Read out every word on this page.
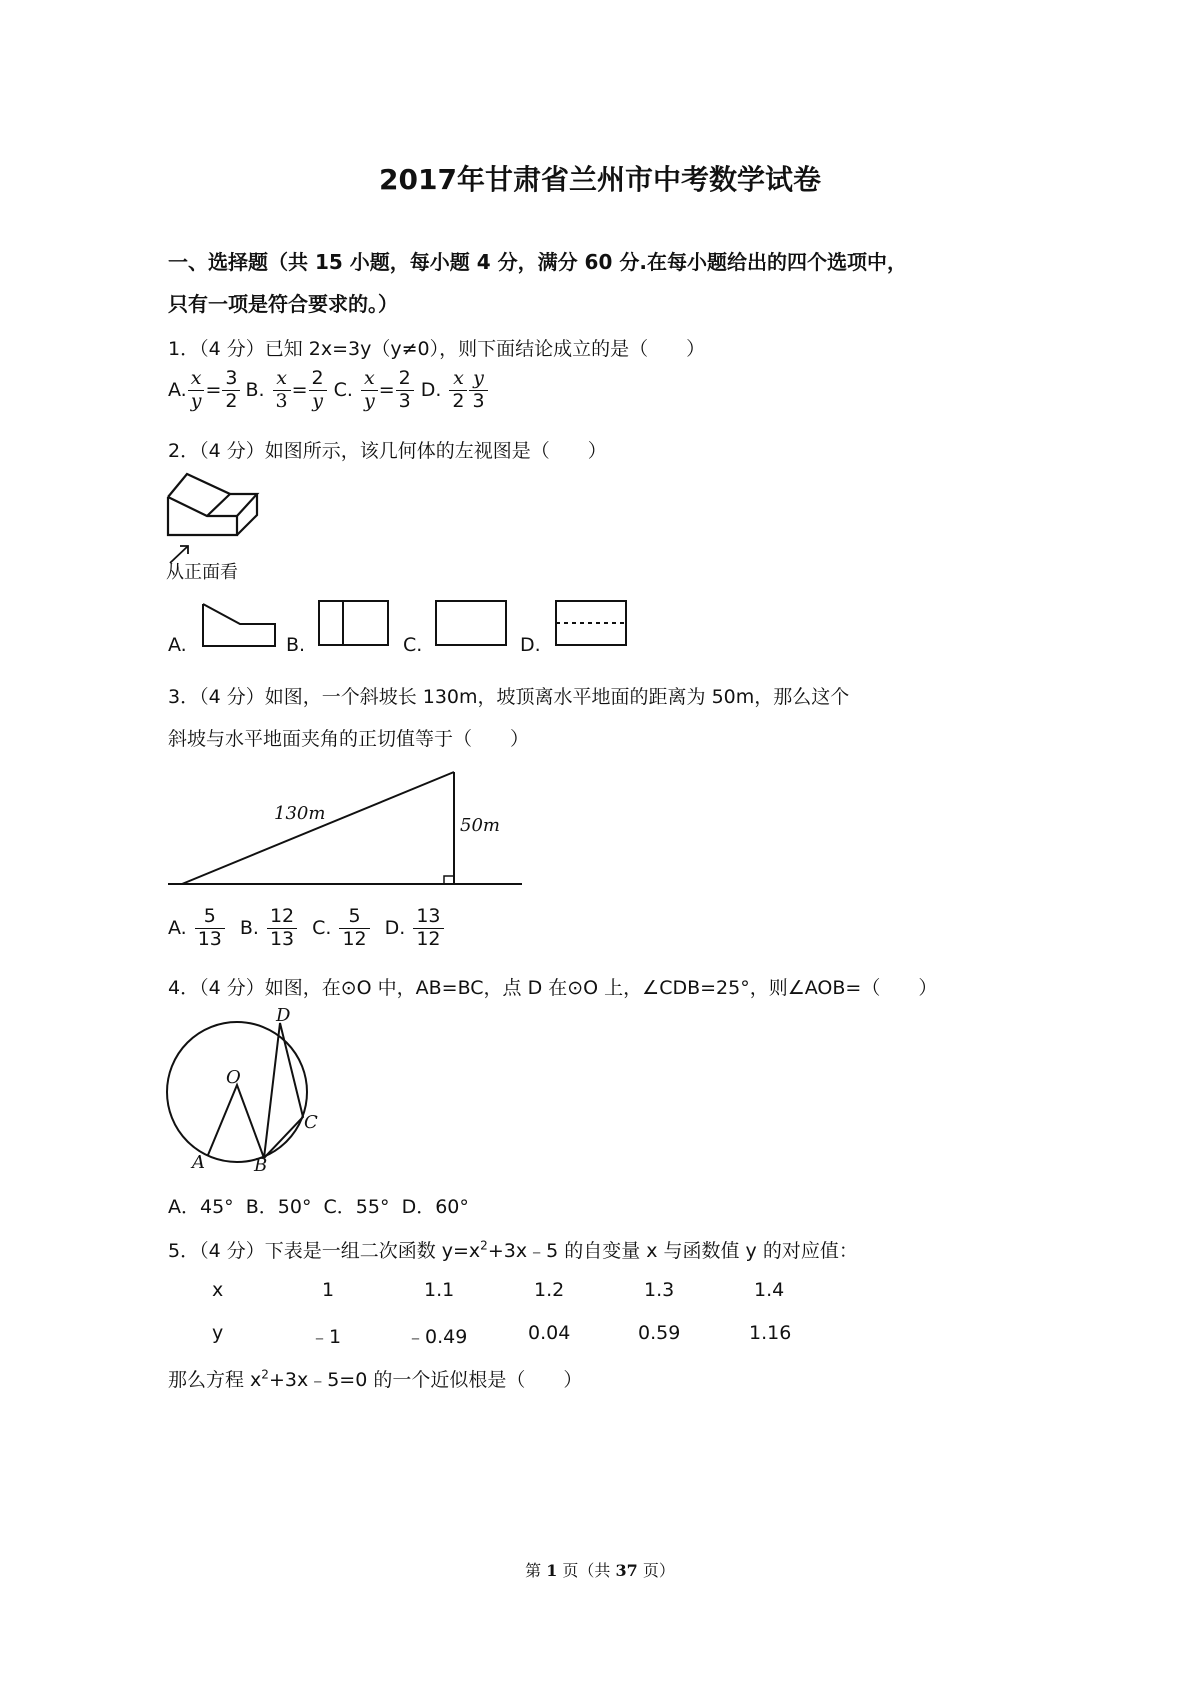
2017年甘肃省兰州市中考数学试卷
一、选择题（共 15 小题，每小题 4 分，满分 60 分.在每小题给出的四个选项中，
只有一项是符合要求的。）
1．（4 分）已知 2x=3y（y≠0），则下面结论成立的是（　　）
A. $\frac{x}{y} = \frac{3}{2} B$. $\frac{x}{3} = \frac{2}{y} C$. $\frac{x}{y} = \frac{2}{3} D$. $\frac{x}{2} \frac{y}{3}$
2．（4 分）如图所示，该几何体的左视图是（　　）
从正面看
A.	B.	C.	D.
3．（4 分）如图，一个斜坡长 130m，坡顶离水平地面的距离为 50m，那么这个
斜坡与水平地面夹角的正切值等于（　　）
130m
50m
A. $\frac{5}{13} B$. $\frac{12}{13} C$. $\frac{5}{12} D$. $\frac{13}{12}$
4．（4 分）如图，在⊙O 中，AB=BC，点 D 在⊙O 上，∠CDB=25°，则∠AOB=（　　）
O
A	B
C
D
A．45°  B．50°  C．55°  D．60°
5．（4 分）下表是一组二次函数 $y=x^2+3x﹣5$ 的自变量 x 与函数值 y 的对应值：
x	1	1.1	1.2	1.3	1.4
y	﹣1	﹣0.49	0.04	0.59	1.16
那么方程 $x^2+3x﹣5=0$ 的一个近似根是（　　）
第 1 页（共 37 页）
